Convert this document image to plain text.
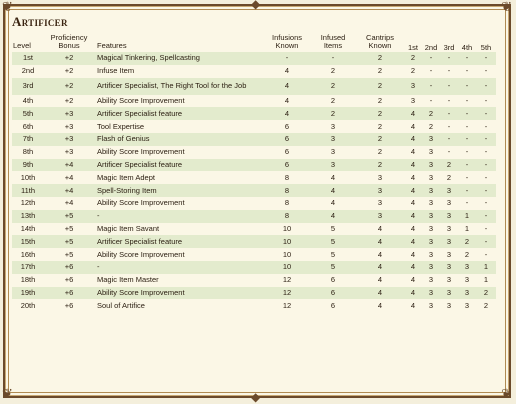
❦	❦
❦	❦
◆
◆
Artificer
Level	Proficiency Bonus	Features	Infusions Known	Infused Items	Cantrips Known	1st	2nd	3rd	4th	5th
1st	+2	Magical Tinkering, Spellcasting	-	-	2	2	-	-	-	-
2nd	+2	Infuse Item	4	2	2	2	-	-	-	-
3rd	+2	Artificer Specialist, The Right Tool for the Job	4	2	2	3	-	-	-	-
4th	+2	Ability Score Improvement	4	2	2	3	-	-	-	-
5th	+3	Artificer Specialist feature	4	2	2	4	2	-	-	-
6th	+3	Tool Expertise	6	3	2	4	2	-	-	-
7th	+3	Flash of Genius	6	3	2	4	3	-	-	-
8th	+3	Ability Score Improvement	6	3	2	4	3	-	-	-
9th	+4	Artificer Specialist feature	6	3	2	4	3	2	-	-
10th	+4	Magic Item Adept	8	4	3	4	3	2	-	-
11th	+4	Spell-Storing Item	8	4	3	4	3	3	-	-
12th	+4	Ability Score Improvement	8	4	3	4	3	3	-	-
13th	+5	-	8	4	3	4	3	3	1	-
14th	+5	Magic Item Savant	10	5	4	4	3	3	1	-
15th	+5	Artificer Specialist feature	10	5	4	4	3	3	2	-
16th	+5	Ability Score Improvement	10	5	4	4	3	3	2	-
17th	+6	-	10	5	4	4	3	3	3	1
18th	+6	Magic Item Master	12	6	4	4	3	3	3	1
19th	+6	Ability Score Improvement	12	6	4	4	3	3	3	2
20th	+6	Soul of Artifice	12	6	4	4	3	3	3	2
